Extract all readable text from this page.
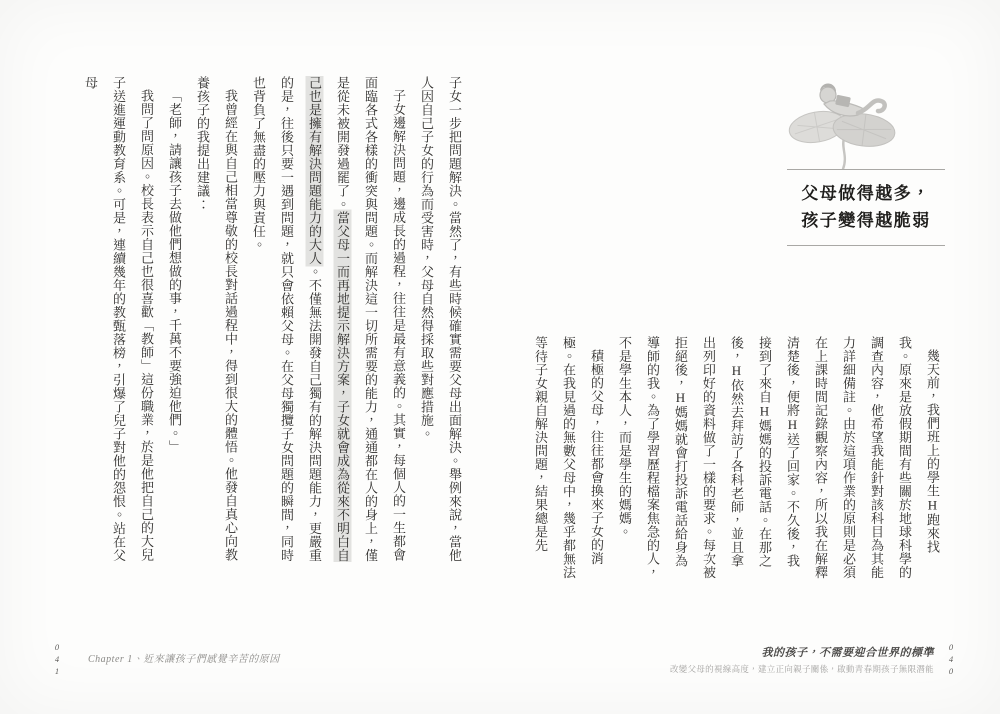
父母做得越多，
孩子變得越脆弱

幾天前，我們班上的學生H跑來找我。原來是放假期間有些關於地球科學的調查內容，他希望我能針對該科目為其能力詳細備註。由於這項作業的原則是必須在上課時間記錄觀察內容，所以我在解釋清楚後，便將H送了回家。不久後，我接到了來自H媽媽的投訴電話。在那之後，H依然去拜訪了各科老師，並且拿出列印好的資料做了一樣的要求。每次被拒絕後，H媽媽就會打投訴電話給身為導師的我。為了學習歷程檔案焦急的人，不是學生本人，而是學生的媽媽。

積極的父母，往往都會換來子女的消極。在我見過的無數父母中，幾乎都無法等待子女親自解決問題，結果總是先

我的孩子，不需要迎合世界的標準
改變父母的視線高度，建立正向親子關係，啟動青春期孩子無限潛能 040

子女一步把問題解決。當然了，有些時候確實需要父母出面解決。舉例來說，當他人因自己子女的行為而受害時，父母自然得採取些對應措施。

子女邊解決問題，邊成長的過程，往往是最有意義的。其實，每個人的一生都會面臨各式各樣的衝突與問題。而解決這一切所需要的能力，通通都在人的身上，僅是從未被開發過罷了。當父母一而再地提示解決方案，子女就會成為從來不明白自己也是擁有解決問題能力的大人。不僅無法開發自己獨有的解決問題能力，更嚴重的是，往後只要一遇到問題，就只會依賴父母。在父母獨攬子女問題的瞬間，同時也背負了無盡的壓力與責任。

我曾經在與自己相當尊敬的校長對話過程中，得到很大的體悟。他發自真心向教養孩子的我提出建議：

「老師，請讓孩子去做他們想做的事，千萬不要強迫他們。」

我問了問原因。校長表示自己也很喜歡「教師」這份職業，於是他把自己的大兒子送進運動教育系。可是，連續幾年的教甄落榜，引爆了兒子對他的怨恨。站在父母

Chapter 1、近來讓孩子們感覺辛苦的原因
041
